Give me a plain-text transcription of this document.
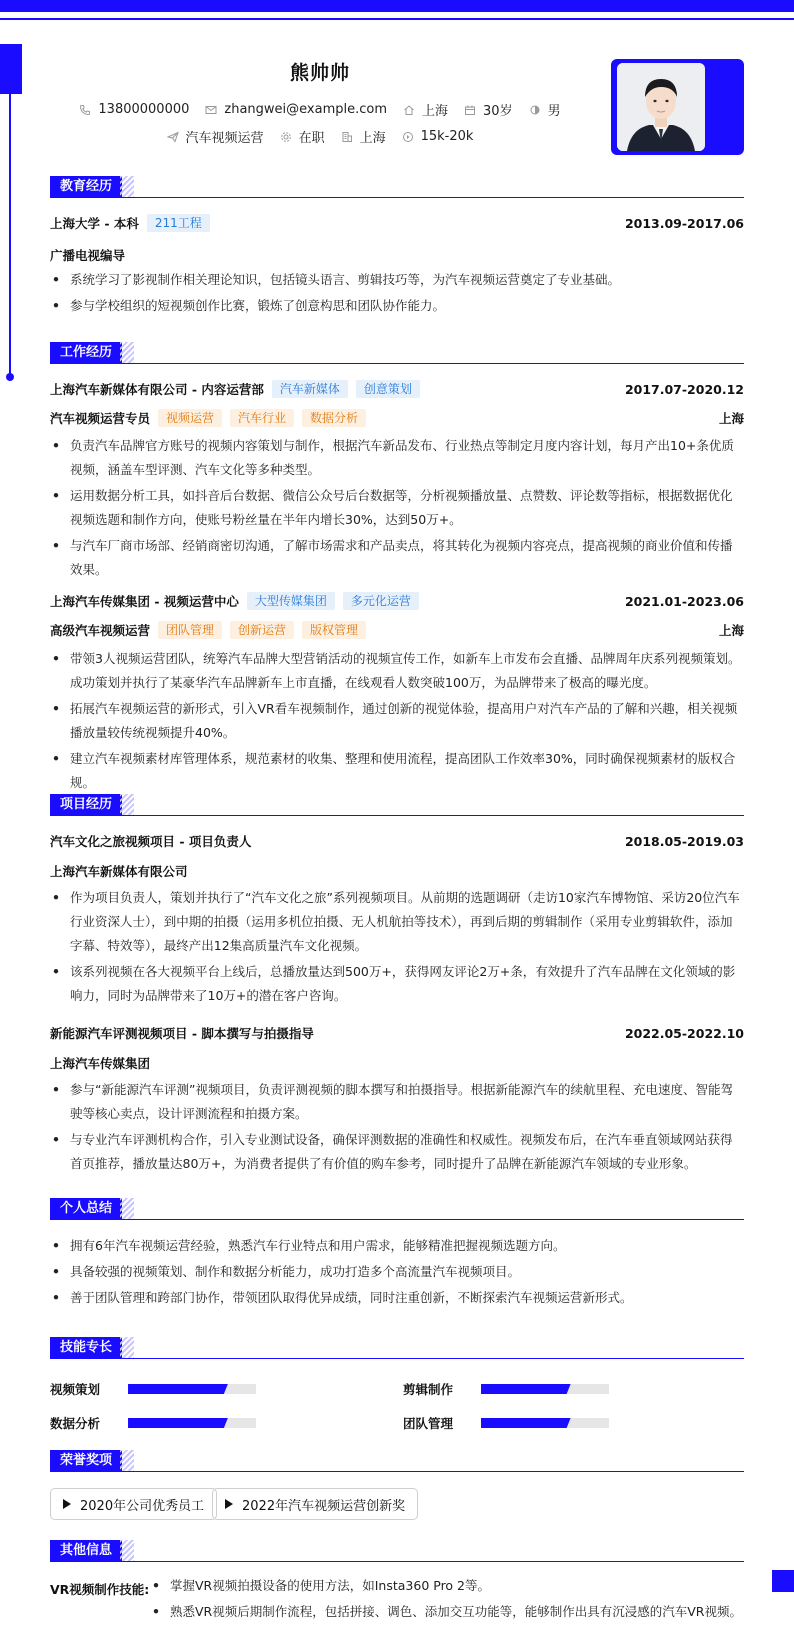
熊帅帅
13800000000	zhangwei@example.com	上海	30岁	男
汽车视频运营	在职	上海	15k-20k
教育经历
上海大学 - 本科	211工程	2013.09-2017.06
广播电视编导
• 系统学习了影视制作相关理论知识，包括镜头语言、剪辑技巧等，为汽车视频运营奠定了专业基础。
• 参与学校组织的短视频创作比赛，锻炼了创意构思和团队协作能力。
工作经历
上海汽车新媒体有限公司 - 内容运营部	汽车新媒体	创意策划	2017.07-2020.12
汽车视频运营专员	视频运营	汽车行业	数据分析	上海
• 负责汽车品牌官方账号的视频内容策划与制作，根据汽车新品发布、行业热点等制定月度内容计划，每月产出10+条优质视频，涵盖车型评测、汽车文化等多种类型。
• 运用数据分析工具，如抖音后台数据、微信公众号后台数据等，分析视频播放量、点赞数、评论数等指标，根据数据优化视频选题和制作方向，使账号粉丝量在半年内增长30%，达到50万+。
• 与汽车厂商市场部、经销商密切沟通，了解市场需求和产品卖点，将其转化为视频内容亮点，提高视频的商业价值和传播效果。
上海汽车传媒集团 - 视频运营中心	大型传媒集团	多元化运营	2021.01-2023.06
高级汽车视频运营	团队管理	创新运营	版权管理	上海
• 带领3人视频运营团队，统筹汽车品牌大型营销活动的视频宣传工作，如新车上市发布会直播、品牌周年庆系列视频策划。成功策划并执行了某豪华汽车品牌新车上市直播，在线观看人数突破100万，为品牌带来了极高的曝光度。
• 拓展汽车视频运营的新形式，引入VR看车视频制作，通过创新的视觉体验，提高用户对汽车产品的了解和兴趣，相关视频播放量较传统视频提升40%。
• 建立汽车视频素材库管理体系，规范素材的收集、整理和使用流程，提高团队工作效率30%，同时确保视频素材的版权合规。
项目经历
汽车文化之旅视频项目 - 项目负责人	2018.05-2019.03
上海汽车新媒体有限公司
• 作为项目负责人，策划并执行了“汽车文化之旅”系列视频项目。从前期的选题调研（走访10家汽车博物馆、采访20位汽车行业资深人士），到中期的拍摄（运用多机位拍摄、无人机航拍等技术），再到后期的剪辑制作（采用专业剪辑软件，添加字幕、特效等），最终产出12集高质量汽车文化视频。
• 该系列视频在各大视频平台上线后，总播放量达到500万+，获得网友评论2万+条，有效提升了汽车品牌在文化领域的影响力，同时为品牌带来了10万+的潜在客户咨询。
新能源汽车评测视频项目 - 脚本撰写与拍摄指导	2022.05-2022.10
上海汽车传媒集团
• 参与“新能源汽车评测”视频项目，负责评测视频的脚本撰写和拍摄指导。根据新能源汽车的续航里程、充电速度、智能驾驶等核心卖点，设计评测流程和拍摄方案。
• 与专业汽车评测机构合作，引入专业测试设备，确保评测数据的准确性和权威性。视频发布后，在汽车垂直领域网站获得首页推荐，播放量达80万+，为消费者提供了有价值的购车参考，同时提升了品牌在新能源汽车领域的专业形象。
个人总结
• 拥有6年汽车视频运营经验，熟悉汽车行业特点和用户需求，能够精准把握视频选题方向。
• 具备较强的视频策划、制作和数据分析能力，成功打造多个高流量汽车视频项目。
• 善于团队管理和跨部门协作，带领团队取得优异成绩，同时注重创新，不断探索汽车视频运营新形式。
技能专长
视频策划	剪辑制作
数据分析	团队管理
荣誉奖项
2020年公司优秀员工	2022年汽车视频运营创新奖
其他信息
VR视频制作技能:
•	掌握VR视频拍摄设备的使用方法，如Insta360 Pro 2等。
• 熟悉VR视频后期制作流程，包括拼接、调色、添加交互功能等，能够制作出具有沉浸感的汽车VR视频。
